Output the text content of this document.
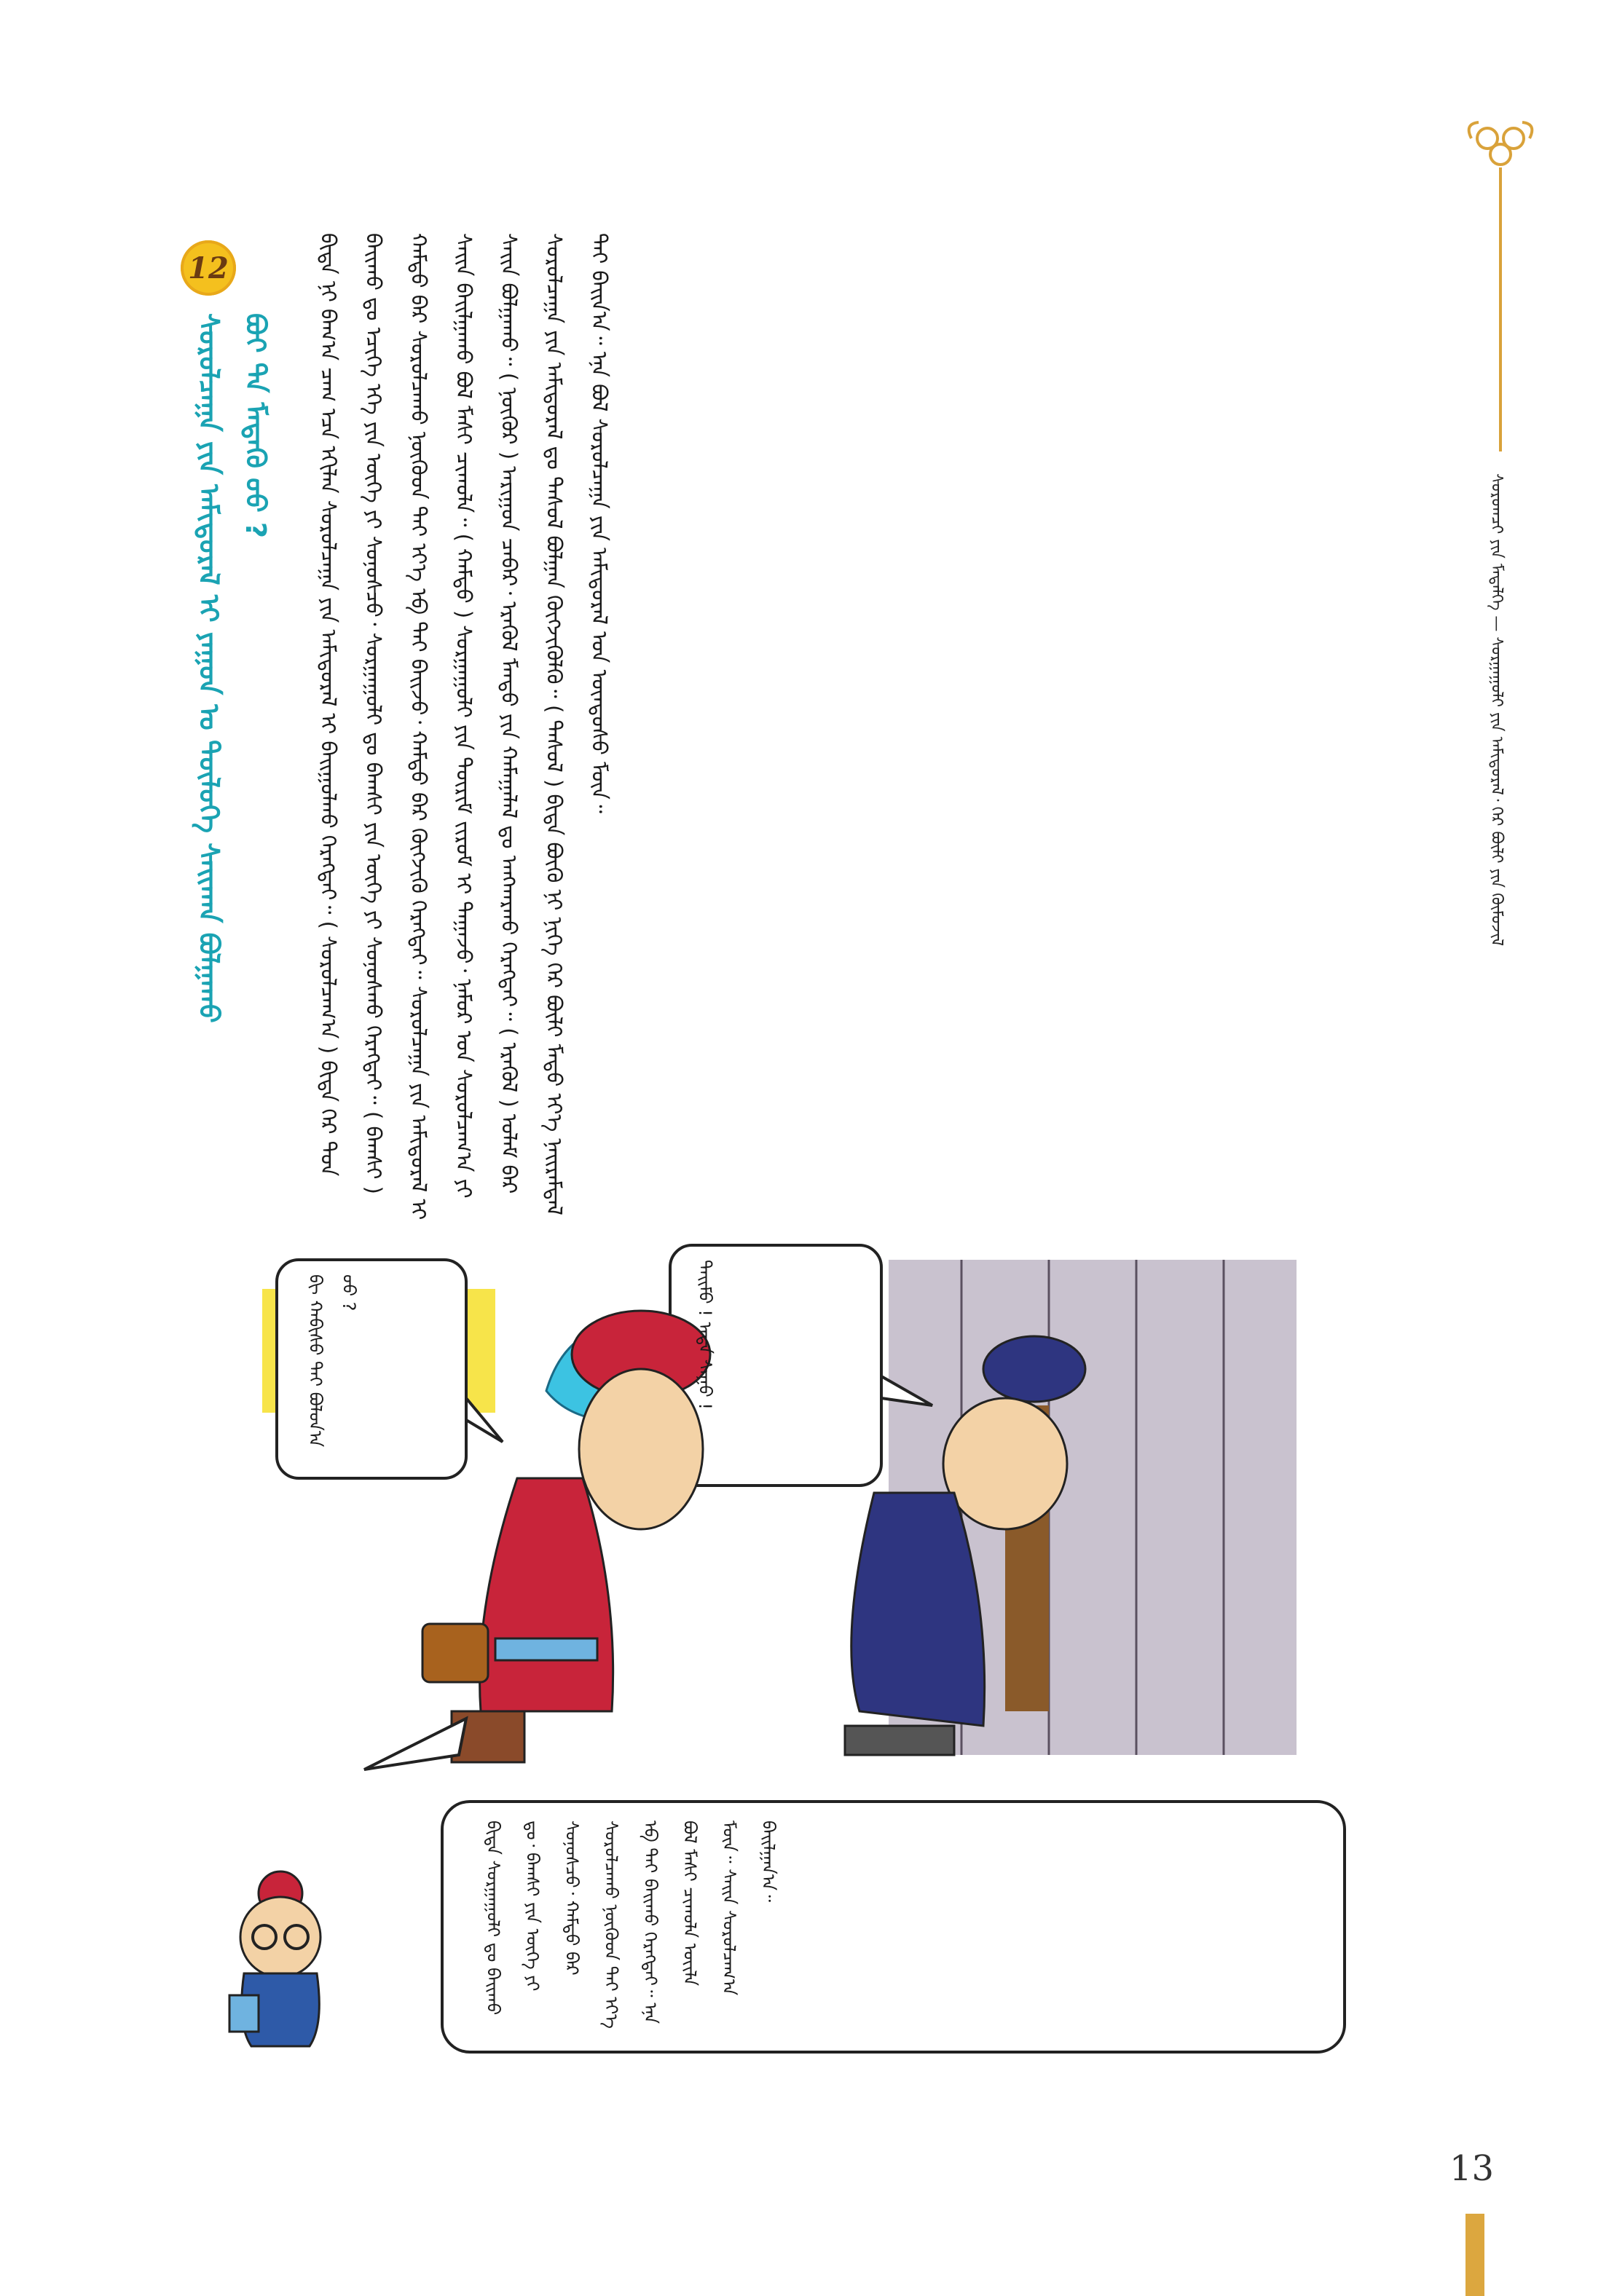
ᠰᠤᠷᠤᠭᠴᠢ ᠶᠢᠨ ᠮᠡᠳᠡᠯᠭᠡ — ᠰᠤᠷᠭᠠᠭᠤᠯᠢ ᠶᠢᠨ ᠠᠮᠢᠳᠤᠷᠠᠯ᠂ ᠭᠡᠷ ᠪᠦᠯᠢ ᠶᠢᠨ ᠬᠦᠮᠦᠵᠢᠯ
ᠪᠢᠳᠡ ᠨᠢ ᠪᠠᠭ᠎ᠠ ᠴᠠᠭ ᠡᠴᠡ ᠡᠬᠢᠯᠡᠨ ᠰᠤᠷᠤᠯᠴᠠᠭᠠ ᠶᠢᠨ ᠠᠮᠢᠳᠤᠷᠠᠯ ᠢ ᠪᠠᠢᠭᠤᠯᠬᠤ ᠬᠡᠷᠡᠭᠲᠡᠢ᠃ ( ᠰᠤᠷᠤᠯᠴᠠᠭ᠎ᠠ ) ᠪᠢᠳᠡ ᠭᠡᠷ ᠲᠦ᠍ᠨ ᠪᠠᠢᠬᠤ ᠳᠤ ᠡᠴᠢᠭᠡ ᠡᠬᠡ ᠶᠢᠨ ᠦᠭᠡ ᠶᠢ ᠰᠣᠨᠤᠰᠴᠤ᠂ ᠰᠤᠷᠭᠠᠭᠤᠯᠢ ᠳᠤ ᠪᠠᠭᠰᠢ ᠶᠢᠨ ᠦᠭᠡ ᠶᠢ ᠰᠣᠨᠤᠰᠬᠤ ᠬᠡᠷᠡᠭᠲᠡᠢ᠃ ( ᠪᠠᠭᠰᠢ ) ᠬᠠᠮᠲᠤ ᠪᠡᠷ ᠰᠤᠷᠤᠯᠴᠠᠬᠤ ᠨᠥᠬᠦᠳ ᠲᠡᠢ ᠡᠶ᠎ᠡ ᠡᠪ ᠲᠡᠢ ᠪᠠᠢᠵᠤ᠂ ᠬᠠᠮᠲᠤ ᠪᠡᠷ ᠬᠥᠭᠵᠢᠬᠦ ᠬᠡᠷᠡᠭᠲᠡᠢ᠃ ᠰᠤᠷᠤᠯᠴᠠᠭᠠ ᠶᠢᠨ ᠠᠮᠢᠳᠤᠷᠠᠯ ᠢ ᠰᠠᠢᠨ ᠪᠠᠢᠯᠭᠠᠬᠤ ᠪᠣᠯ ᠮᠠᠰᠢ ᠴᠢᠬᠤᠯᠠ᠃ ( ᠬᠠᠮᠲᠤ ) ᠰᠤᠷᠭᠠᠭᠤᠯᠢ ᠶᠢᠨ ᠳᠦᠷᠢᠮ ᠵᠢᠷᠤᠮ ᠢ ᠳᠠᠭᠠᠵᠤ᠂ ᠨᠠᠮᠤᠷ ᠤᠨ ᠰᠤᠷᠤᠯᠴᠠᠭ᠎ᠠ ᠶᠢ ᠰᠠᠢᠨ ᠪᠤᠯᠭᠠᠬᠤ᠃ ( ᠨᠥᠬᠦᠷ ) ᠠᠷᠢᠭᠤᠨ ᠴᠡᠪᠡᠷ᠂ ᠡᠷᠡᠭᠦᠯ ᠮᠡᠨᠳᠦ ᠶᠢᠨ ᠬᠠᠮᠠᠭᠠᠯᠠᠯ ᠳᠤ ᠠᠩᠬᠠᠷᠬᠤ ᠬᠡᠷᠡᠭᠲᠡᠢ᠃ ( ᠡᠷᠡᠭᠦᠯ ) ᠤᠯᠠᠮ ᠪᠡᠷ ᠰᠤᠷᠤᠯᠴᠠᠭᠠ ᠶᠢᠨ ᠠᠮᠢᠳᠤᠷᠠᠯ ᠳᠤ ᠳᠠᠰᠤᠯ ᠪᠣᠯᠭᠠᠨ ᠬᠥᠭᠵᠢᠭᠦᠯᠬᠦ᠃ ( ᠳᠠᠰᠤᠯ ) ᠪᠢᠳᠡ ᠪᠦᠬᠦ ᠨᠢ ᠨᠢᠭᠡ ᠭᠡᠷ ᠪᠦᠯᠢ ᠮᠡᠲᠦ ᠡᠶ᠎ᠡ ᠨᠠᠢᠷᠠᠮᠳᠠᠯ ᠲᠠᠢ ᠪᠠᠢᠨ᠎ᠠ᠃ ᠡᠨᠡ ᠪᠣᠯ ᠰᠤᠷᠤᠯᠴᠠᠭᠠ ᠶᠢᠨ ᠠᠮᠢᠳᠤᠷᠠᠯ ᠤᠨ ᠦᠨᠳᠦᠰᠦ ᠮᠥᠨ᠃
12
ᠰᠤᠷᠤᠯᠴᠠᠭᠠ ᠶᠢᠨ ᠠᠮᠢᠳᠤᠷᠠᠯ ᠢ ᠶᠠᠭᠤᠨ ᠤ ᠲᠥᠯᠦᠭᠡ ᠰᠠᠢᠬᠠᠨ ᠪᠣᠯᠭᠠᠬᠤ ᠪᠤᠢ ᠲᠠ ᠮᠡᠳᠡᠬᠦ ᠦᠦ ?
ᠪᠢ ᠬᠠᠪᠢᠰᠤ ᠲᠠᠢ ᠪᠣᠯᠤᠨ᠎ᠠ ᠤᠤ ?	ᠲᠡᠢᠮᠦ ! ᠡᠨᠳᠡ ᠰᠠᠭᠤ !
ᠪᠢᠳᠡ ᠰᠤᠷᠭᠠᠭᠤᠯᠢ ᠳᠤ ᠪᠠᠢᠬᠤ ᠳᠤ᠂ ᠪᠠᠭᠰᠢ ᠶᠢᠨ ᠦᠭᠡ ᠶᠢ ᠰᠣᠨᠤᠰᠴᠤ᠂ ᠬᠠᠮᠲᠤ ᠪᠡᠷ ᠰᠤᠷᠤᠯᠴᠠᠬᠤ ᠨᠥᠬᠦᠳ ᠲᠡᠢ ᠡᠶ᠎ᠡ ᠡᠪ ᠲᠡᠢ ᠪᠠᠢᠬᠤ ᠬᠡᠷᠡᠭᠲᠡᠢ᠃ ᠡᠨᠡ ᠪᠣᠯ ᠮᠠᠰᠢ ᠴᠢᠬᠤᠯᠠ ᠦᠢᠯᠡ ᠮᠥᠨ᠃ ᠰᠠᠢᠨ ᠰᠤᠷᠤᠯᠴᠠᠭ᠎ᠠ ᠪᠠᠢᠯᠭᠠᠨ᠎ᠠ᠃
13
